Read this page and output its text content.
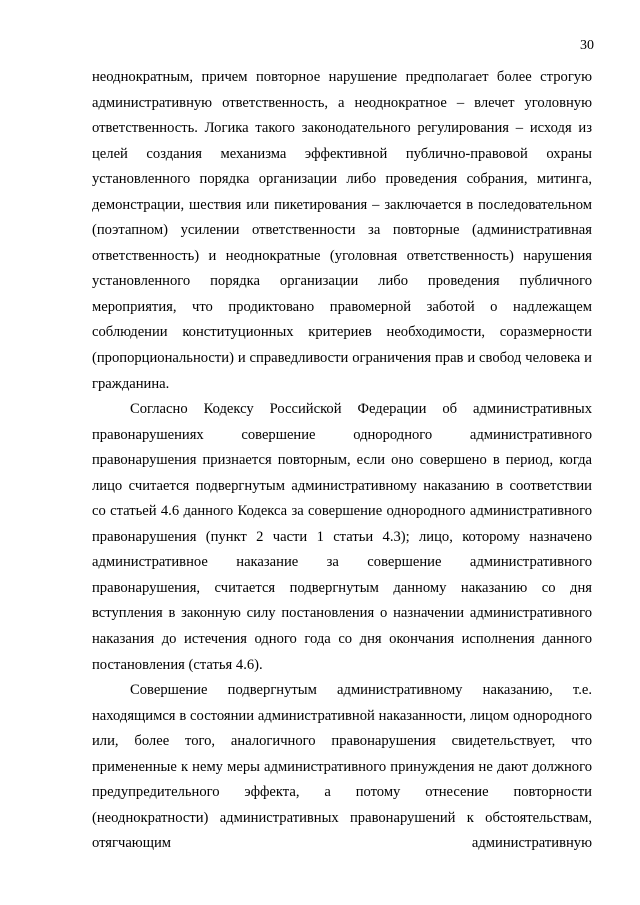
30

неоднократным, причем повторное нарушение предполагает более строгую административную ответственность, а неоднократное – влечет уголовную ответственность. Логика такого законодательного регулирования – исходя из целей создания механизма эффективной публично-правовой охраны установленного порядка организации либо проведения собрания, митинга, демонстрации, шествия или пикетирования – заключается в последовательном (поэтапном) усилении ответственности за повторные (административная ответственность) и неоднократные (уголовная ответственность) нарушения установленного порядка организации либо проведения публичного мероприятия, что продиктовано правомерной заботой о надлежащем соблюдении конституционных критериев необходимости, соразмерности (пропорциональности) и справедливости ограничения прав и свобод человека и гражданина.

Согласно Кодексу Российской Федерации об административных правонарушениях совершение однородного административного правонарушения признается повторным, если оно совершено в период, когда лицо считается подвергнутым административному наказанию в соответствии со статьей 4.6 данного Кодекса за совершение однородного административного правонарушения (пункт 2 части 1 статьи 4.3); лицо, которому назначено административное наказание за совершение административного правонарушения, считается подвергнутым данному наказанию со дня вступления в законную силу постановления о назначении административного наказания до истечения одного года со дня окончания исполнения данного постановления (статья 4.6).

Совершение подвергнутым административному наказанию, т.е. находящимся в состоянии административной наказанности, лицом однородного или, более того, аналогичного правонарушения свидетельствует, что примененные к нему меры административного принуждения не дают должного предупредительного эффекта, а потому отнесение повторности (неоднократности) административных правонарушений к обстоятельствам, отягчающим административную
